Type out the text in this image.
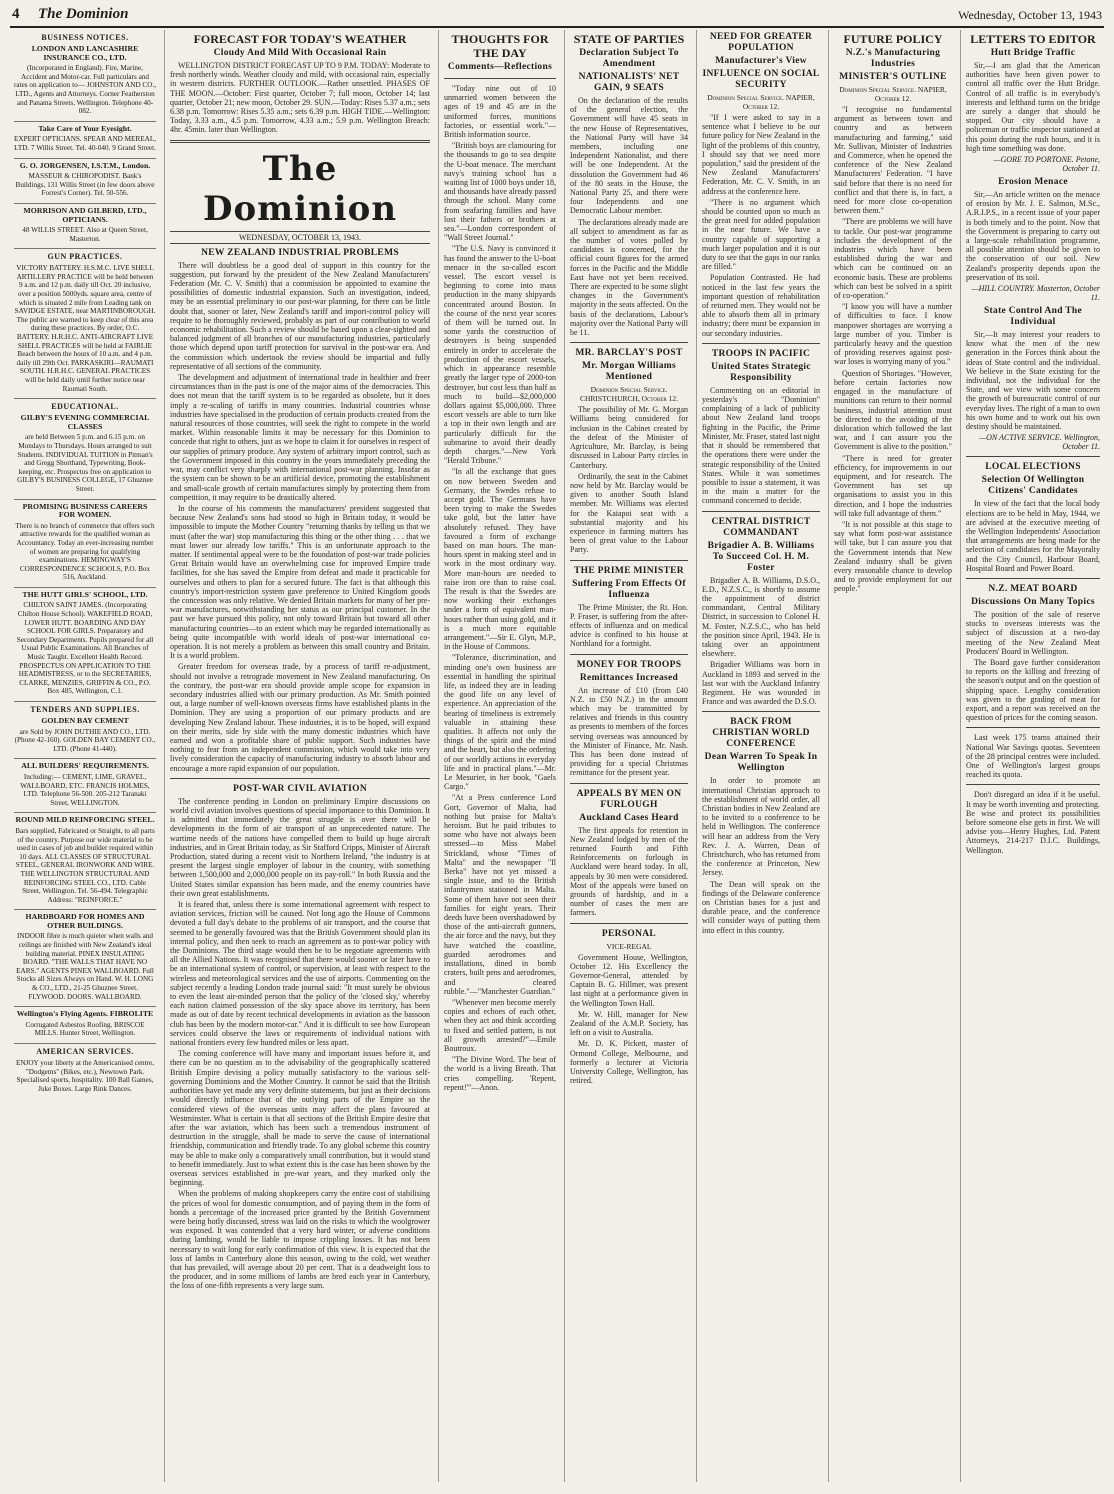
4 The Dominion	Wednesday, October 13, 1943
BUSINESS NOTICES.
LONDON AND LANCASHIRE INSURANCE CO., LTD.
(Incorporated in England). Fire, Marine, Accident and Motor-car. Full particulars and rates on application to— JOHNSTON AND CO., LTD., Agents and Attorneys. Corner Featherston and Panama Streets, Wellington. Telephone 40-082.
Take Care of Your Eyesight.
EXPERT OPTICIANS. SPEAR AND MEREAL, LTD. 7 Willis Street. Tel. 40-040. 9 Grand Street.
G. O. JORGENSEN, I.S.T.M., London.
MASSEUR & CHIROPODIST. Bank's Buildings, 131 Willis Street (in few doors above Forrest's Corner). Tel. 50-556.
MORRISON AND GILBERD, LTD., OPTICIANS.
48 WILLIS STREET. Also at Queen Street, Masterton.
GUN PRACTICES.
VICTORY BATTERY. H.S.M.C. LIVE SHELL ARTILLERY PRACTICE will be held between 9 a.m. and 12 p.m. daily till Oct. 20 inclusive, over a position 5000yds. square area, centre of which is situated 2 mile from Leading tank on SAVIDGE ESTATE, near MARTINBOROUGH. The public are warned to keep clear of this area during these practices. By order, O.C. BATTERY. H.R.H.C. ANTI-AIRCRAFT LIVE SHELL PRACTICES will be held at FAIRLIE Beach between the hours of 10 a.m. and 4 p.m. daily till 29th Oct. PARKASKIRI—RAUMATI SOUTH. H.R.H.C. GENERAL PRACTICES will be held daily until further notice near Raumati South.
EDUCATIONAL.
GILBY'S EVENING COMMERCIAL CLASSES
are held Between 5 p.m. and 6.15 p.m. on Mondays to Thursdays. Hours arranged to suit Students. INDIVIDUAL TUITION in Pitman's and Gregg Shorthand, Typewriting, Book-keeping, etc. Prospectus free on application to GILBY'S BUSINESS COLLEGE, 17 Ghuznee Street.
PROMISING BUSINESS CAREERS FOR WOMEN.
There is no branch of commerce that offers such attractive rewards for the qualified woman as Accountancy. Today an ever-increasing number of women are preparing for qualifying examinations. HEMINGWAY'S CORRESPONDENCE SCHOOLS, P.O. Box 516, Auckland.
THE HUTT GIRLS' SCHOOL, LTD.
CHILTON SAINT JAMES. (Incorporating Chilton House School). WAKEFIELD ROAD, LOWER HUTT. BOARDING AND DAY SCHOOL FOR GIRLS. Preparatory and Secondary Departments. Pupils prepared for all Usual Public Examinations. All Branches of Music Taught. Excellent Health Record. PROSPECTUS ON APPLICATION TO THE HEADMISTRESS, or to the SECRETARIES, CLARKE, MENZIES, GRIFFIN & CO., P.O. Box 485, Wellington, C.1.
TENDERS AND SUPPLIES.
GOLDEN BAY CEMENT
are Sold by JOHN DUTHIE AND CO., LTD. (Phone 42-160). GOLDEN BAY CEMENT CO., LTD. (Phone 41-440).
ALL BUILDERS' REQUIREMENTS.
Including:— CEMENT, LIME, GRAVEL, WALLBOARD, ETC. FRANCIS HOLMES, LTD. Telephone 56-500. 205-212 Taranaki Street, WELLINGTON.
ROUND MILD REINFORCING STEEL.
Bars supplied, Fabricated or Straight, to all parts of the country. Purpose our wide material to be used in cases of job and builder required within 10 days. ALL CLASSES OF STRUCTURAL STEEL, GENERAL IRONWORK AND WIRE. THE WELLINGTON STRUCTURAL AND REINFORCING STEEL CO., LTD. Cable Street, Wellington. Tel. 56-494. Telegraphic Address: "REINFORCE."
HARDBOARD FOR HOMES AND OTHER BUILDINGS.
INDOOR fibre is much quieter when walls and ceilings are finished with New Zealand's ideal building material. PINEX INSULATING BOARD. "THE WALLS THAT HAVE NO EARS." AGENTS PINEX WALLBOARD. Full Stocks all Sizes Always on Hand. W. H. LONG & CO., LTD., 21-25 Ghuznee Street. FLYWOOD. DOORS. WALLBOARD.
Wellington's Flying Agents. FIBROLITE
Corrugated Asbestos Roofing. BRISCOE MILLS. Hunter Street, Wellington.
AMERICAN SERVICES.
ENJOY your liberty at the Americanised centre, "Dodgems" (Bikes, etc.), Newtown Park. Specialised sports, hospitality. 100 Ball Games, Juke Boxes. Large Rink Dances.
FORECAST FOR TODAY'S WEATHER
Cloudy And Mild With Occasional Rain

WELLINGTON DISTRICT FORECAST UP TO 9 P.M. TODAY: Moderate to fresh northerly winds. Weather cloudy and mild, with occasional rain, especially in western districts. FURTHER OUTLOOK.—Rather unsettled. PHASES OF THE MOON.—October: First quarter, October 7; full moon, October 14; last quarter, October 21; new moon, October 29. SUN.—Today: Rises 5.37 a.m.; sets 6.38 p.m. Tomorrow: Rises 5.35 a.m.; sets 6.39 p.m. HIGH TIDE.—Wellington: Today, 3.33 a.m., 4.5 p.m. Tomorrow, 4.33 a.m.; 5.9 p.m. Wellington Breach: 4hr. 45min. later than Wellington.

The Dominion
WEDNESDAY, OCTOBER 13, 1943.
NEW ZEALAND INDUSTRIAL PROBLEMS

There will doubtless be a good deal of support in this country for the suggestion, put forward by the president of the New Zealand Manufacturers' Federation (Mr. C. V. Smith) that a commission be appointed to examine the possibilities of domestic industrial expansion. Such an investigation, indeed, may be an essential preliminary to our post-war planning, for there can be little doubt that, sooner or later, New Zealand's tariff and import-control policy will require to be thoroughly reviewed, probably as part of our contribution to world economic rehabilitation. Such a review should be based upon a clear-sighted and balanced judgment of all branches of our manufacturing industries, particularly those which depend upon tariff protection for survival in the post-war era. And the commission which undertook the review should be impartial and fully representative of all sections of the community.

The development and adjustment of international trade in healthier and freer circumstances than in the past is one of the major aims of the democracies. This does not mean that the tariff system is to be regarded as obsolete, but it does imply a re-scaling of tariffs in many countries. Industrial countries whose industries have specialised in the production of certain products created from the natural resources of those countries, will seek the right to compete in the world market. Within reasonable limits it may be necessary for this Dominion to concede that right to others, just as we hope to claim it for ourselves in respect of our supplies of primary produce. Any system of arbitrary import control, such as the Government imposed in this country in the years immediately preceding the war, may conflict very sharply with international post-war planning. Insofar as the system can be shown to be an artificial device, promoting the establishment and small-scale growth of certain manufactures simply by protecting them from competition, it may require to be drastically altered.

In the course of his comments the manufacturers' president suggested that because New Zealand's sons had stood so high in Britain today, it would be impossible to impute the Mother Country "returning thanks by telling us that we must (after the war) stop manufacturing this thing or the other thing . . . that we must lower our already low tariffs." This is an unfortunate approach to the matter. If sentimental appeal were to be the foundation of post-war trade policies Great Britain would have an overwhelming case for improved Empire trade facilities, for she has saved the Empire from defeat and made it practicable for ourselves and others to plan for a secured future. The fact is that although this country's import-restriction system gave preference to United Kingdom goods the concession was only relative. We denied Britain markets for many of her pre-war manufactures, notwithstanding her status as our principal customer. In the past we have pursued this policy, not only toward Britain but toward all other manufacturing countries—to an extent which may be regarded internationally as being quite incompatible with world ideals of post-war international co-operation. It is not merely a problem as between this small country and Britain. It is a world problem.

Greater freedom for overseas trade, by a process of tariff re-adjustment, should not involve a retrograde movement in New Zealand manufacturing. On the contrary, the post-war era should provide ample scope for expansion in secondary industries allied with our primary production. As Mr. Smith pointed out, a large number of well-known overseas firms have established plants in the Dominion. They are using a proportion of our primary products and are developing New Zealand labour. These industries, it is to be hoped, will expand on their merits, side by side with the many domestic industries which have earned and won a profitable share of public support. Such industries have nothing to fear from an independent commission, which would take into very lively consideration the capacity of manufacturing industry to absorb labour and encourage a more rapid expansion of our population.

POST-WAR CIVIL AVIATION

The conference pending in London on preliminary Empire discussions on world civil aviation involves questions of special importance to this Dominion. It is admitted that immediately the great struggle is over there will be developments in the form of air transport of an unprecedented nature. The wartime needs of the nations have compelled them to build up huge aircraft industries, and in Great Britain today, as Sir Stafford Cripps, Minister of Aircraft Production, stated during a recent visit to Northern Ireland, "the industry is at present the largest single employer of labour in the country, with something between 1,500,000 and 2,000,000 people on its pay-roll." In both Russia and the United States similar expansion has been made, and the enemy countries have their own great establishments.

It is feared that, unless there is some international agreement with respect to aviation services, friction will be caused. Not long ago the House of Commons devoted a full day's debate to the problems of air transport, and the course that seemed to be generally favoured was that the British Government should plan its internal policy, and then seek to reach an agreement as to post-war policy with the Dominions. The third stage would then be to be negotiate agreements with all the Allied Nations. It was recognised that there would sooner or later have to be an international system of control, or supervision, at least with respect to the wireless and meteorological services and the use of airports. Commenting on the subject recently a leading London trade journal said: "It must surely be obvious to even the least air-minded person that the policy of the 'closed sky,' whereby each nation claimed possession of the sky space above its territory, has been made as out of date by recent technical developments in aviation as the bassoon club has been by the modern motor-car." And it is difficult to see how European services could observe the laws or requirements of individual nations with national frontiers every few hundred miles or less apart.

The coming conference will have many and important issues before it, and there can be no question as to the advisability of the geographically scattered British Empire devising a policy mutually satisfactory to the various self-governing Dominions and the Mother Country. It cannot be said that the British authorities have yet made any very definite statements, but just as their decisions would directly influence that of the outlying parts of the Empire so the considered views of the overseas units may affect the plans favoured at Westminster. What is certain is that all sections of the British Empire desire that after the war aviation, which has been such a tremendous instrument of destruction in the struggle, shall be made to serve the cause of international friendship, communication and friendly trade. To any global scheme this country may be able to make only a comparatively small contribution, but it would stand to benefit immediately. Just to what extent this is the case has been shown by the overseas services established in pre-war years, and they marked only the beginning.

When the problems of making shopkeepers carry the entire cost of stabilising the prices of wool for domestic consumption, and of paying them in the form of bonds a percentage of the increased price granted by the British Government were being hotly discussed, stress was laid on the risks to which the woolgrower was exposed. It was contended that a very hard winter, or adverse conditions during lambing, would be liable to impose crippling losses. It has not been necessary to wait long for early confirmation of this view. It is expected that the loss of lambs in Canterbury alone this season, owing to the cold, wet weather that has prevailed, will average about 20 per cent. That is a deadweight loss to the producer, and in some millions of lambs are bred each year in Canterbury, the loss of one-fifth represents a very large sum.

THOUGHTS FOR THE DAY
Comments—Reflections

"Today nine out of 10 unmarried women between the ages of 19 and 45 are in the uniformed forces, munitions factories, or essential work."—British information source.

"British boys are clamouring for the thousands to go to sea despite the U-boat menace. The merchant navy's training school has a waiting list of 1000 boys under 18, and thousands have already passed through the school. Many come from seafaring families and have lost their fathers or brothers at sea."—London correspondent of "Wall Street Journal."

"The U.S. Navy is convinced it has found the answer to the U-boat menace in the so-called escort vessel. The escort vessel is beginning to come into mass production in the many shipyards concentrated around Boston. In the course of the next year scores of them will be turned out. In some yards the construction of destroyers is being suspended entirely in order to accelerate the production of the escort vessels, which in appearance resemble greatly the larger type of 2000-ton destroyer, but cost less than half as much to build—$2,000,000 dollars against $5,000,000. Three escort vessels are able to turn like a top in their own length and are particularly difficult for the submarine to avoid their deadly depth charges."—New York "Herald Tribune."

"In all the exchange that goes on now between Sweden and Germany, the Swedes refuse to accept gold. The Germans have been trying to make the Swedes take gold, but the latter have absolutely refused. They have favoured a form of exchange based on man hours. The man-hours spent in making steel and in work in the most ordinary way. More man-hours are needed to raise iron ore than to raise coal. The result is that the Swedes are now working their exchanges under a form of equivalent man-hours rather than using gold, and it is a much more equitable arrangement."—Sir E. Glyn, M.P., in the House of Commons.

"Tolerance, discrimination, and minding one's own business are essential in handling the spiritual life, as indeed they are in leading the good life on any level of experience. An appreciation of the bearing of timeliness is extremely valuable in attaining these qualities. It affects not only the things of the spirit and the mind and the heart, but also the ordering of our worldly actions in everyday life and in practical plans."—Mr. Le Mesurier, in her book, "Gaels Cargo."

"At a Press conference Lord Gort, Governor of Malta, had nothing but praise for Malta's heroism. But he paid tributes to some who have not always been stressed—to Miss Mabel Strickland, whose "Times of Malta" and the newspaper "Il Berka" have not yet missed a single issue, and to the British infantrymen stationed in Malta. Some of them have not seen their families for eight years. Their deeds have been overshadowed by those of the anti-aircraft gunners, the air force and the navy, but they have watched the coastline, guarded aerodromes and installations, dined in bomb craters, built pens and aerodromes, and cleared rubble."—"Manchester Guardian."

"Whenever men become merely copies and echoes of each other, when they act and think according to fixed and settled pattern, is not all growth arrested?"—Emile Boutroux.

"The Divine Word. The beat of the world is a living Breath. That cries compelling. 'Repent, repent!'"—Anon.

STATE OF PARTIES
Declaration Subject To Amendment
NATIONALISTS' NET GAIN, 9 SEATS

On the declaration of the results of the general election, the Government will have 45 seats in the new House of Representatives, the National Party will have 34 members, including one Independent Nationalist, and there will be one Independent. At the dissolution the Government had 46 of the 80 seats in the House, the National Party 25, and there were four Independents and one Democratic Labour member.

The declarations already made are all subject to amendment as far as the number of votes polled by candidates is concerned, for the official count figures for the armed forces in the Pacific and the Middle East have not yet been received. There are expected to be some slight changes in the Government's majority in the seats affected. On the basis of the declarations, Labour's majority over the National Party will be 11.

MR. BARCLAY'S POST
Mr. Morgan Williams Mentioned
Dominion Special Service. CHRISTCHURCH, October 12.

The possibility of Mr. G. Morgan Williams being considered for inclusion in the Cabinet created by the defeat of the Minister of Agriculture, Mr. Barclay, is being discussed in Labour Party circles in Canterbury.

Ordinarily, the seat in the Cabinet now held by Mr. Barclay would be given to another South Island member. Mr. Williams was elected for the Kaiapoi seat with a substantial majority and his experience in farming matters has been of great value to the Labour Party.

THE PRIME MINISTER
Suffering From Effects Of Influenza

The Prime Minister, the Rt. Hon. P. Fraser, is suffering from the after-effects of influenza and on medical advice is confined to his house at Northland for a fortnight.

MONEY FOR TROOPS
Remittances Increased

An increase of £10 (from £40 N.Z. to £50 N.Z.) in the amount which may be transmitted by relatives and friends in this country as presents to members of the forces serving overseas was announced by the Minister of Finance, Mr. Nash. This has been done instead of providing for a special Christmas remittance for the present year.

APPEALS BY MEN ON FURLOUGH
Auckland Cases Heard

The first appeals for retention in New Zealand lodged by men of the returned Fourth and Fifth Reinforcements on furlough in Auckland were heard today. In all, appeals by 30 men were considered. Most of the appeals were based on grounds of hardship, and in a number of cases the men are farmers.

PERSONAL
VICE-REGAL

Government House, Wellington, October 12. His Excellency the Governor-General, attended by Captain B. G. Hillmer, was present last night at a performance given in the Wellington Town Hall.

Mr. W. Hill, manager for New Zealand of the A.M.P. Society, has left on a visit to Australia.

Mr. D. K. Pickett, master of Ormond College, Melbourne, and formerly a lecturer at Victoria University College, Wellington, has retired.

NEED FOR GREATER POPULATION
Manufacturer's View
INFLUENCE ON SOCIAL SECURITY
Dominion Special Service. NAPIER, October 12.

"If I were asked to say in a sentence what I believe to be our future policy for New Zealand in the light of the problems of this country, I should say that we need more population," said the president of the New Zealand Manufacturers' Federation, Mr. C. V. Smith, in an address at the conference here.

"There is no argument which should be counted upon so much as the great need for added population in the near future. We have a country capable of supporting a much larger population and it is our duty to see that the gaps in our ranks are filled."

Population Contrasted. He had noticed in the last few years the important question of rehabilitation of returned men. They would not be able to absorb them all in primary industry; there must be expansion in our secondary industries.

TROOPS IN PACIFIC
United States Strategic Responsibility

Commenting on an editorial in yesterday's "Dominion" complaining of a lack of publicity about New Zealand land troops fighting in the Pacific, the Prime Minister, Mr. Fraser, stated last night that it should be remembered that the operations there were under the strategic responsibility of the United States. While it was sometimes possible to issue a statement, it was in the main a matter for the command concerned to decide.

CENTRAL DISTRICT COMMANDANT
Brigadier A. B. Williams To Succeed Col. H. M. Foster

Brigadier A. B. Williams, D.S.O., E.D., N.Z.S.C., is shortly to assume the appointment of district commandant, Central Military District, in succession to Colonel H. M. Foster, N.Z.S.C., who has held the position since April, 1943. He is taking over an appointment elsewhere.

Brigadier Williams was born in Auckland in 1893 and served in the last war with the Auckland Infantry Regiment. He was wounded in France and was awarded the D.S.O.

BACK FROM CHRISTIAN WORLD CONFERENCE
Dean Warren To Speak In Wellington

In order to promote an international Christian approach to the establishment of world order, all Christian bodies in New Zealand are to be invited to a conference to be held in Wellington. The conference will hear an address from the Very Rev. J. A. Warren, Dean of Christchurch, who has returned from the conference at Princeton, New Jersey.

The Dean will speak on the findings of the Delaware conference on Christian bases for a just and durable peace, and the conference will consider ways of putting them into effect in this country.

FUTURE POLICY
N.Z.'s Manufacturing Industries
MINISTER'S OUTLINE
Dominion Special Service. NAPIER, October 12.

"I recognise no fundamental argument as between town and country and as between manufacturing and farming," said Mr. Sullivan, Minister of Industries and Commerce, when he opened the conference of the New Zealand Manufacturers' Federation. "I have said before that there is no need for conflict and that there is, in fact, a need for more close co-operation between them."

"There are problems we will have to tackle. Our post-war programme includes the development of the industries which have been established during the war and which can be continued on an economic basis. These are problems which can best be solved in a spirit of co-operation."

"I know you will have a number of difficulties to face. I know manpower shortages are worrying a large number of you. Timber is particularly heavy and the question of providing reserves against post-war loses is worrying many of you."

Question of Shortages. "However, before certain factories now engaged in the manufacture of munitions can return to their normal business, industrial attention must be directed to the avoiding of the dislocation which followed the last war, and I can assure you the Government is alive to the position."

"There is need for greater efficiency, for improvements in our equipment, and for research. The Government has set up organisations to assist you in this direction, and I hope the industries will take full advantage of them."

"It is not possible at this stage to say what form post-war assistance will take, but I can assure you that the Government intends that New Zealand industry shall be given every reasonable chance to develop and to provide employment for our people."

LETTERS TO EDITOR
Hutt Bridge Traffic

Sir,—I am glad that the American authorities have been given power to control all traffic over the Hutt Bridge. Control of all traffic is in everybody's interests and lefthand turns on the bridge are surely a danger that should be stopped. Our city should have a policeman or traffic inspector stationed at this point during the rush hours, and it is high time something was done.

—GORE TO PORTONE. Petone, October 11.
Erosion Menace

Sir,—An article written on the menace of erosion by Mr. J. E. Salmon, M.Sc., A.R.I.P.S., in a recent issue of your paper is both timely and to the point. Now that the Government is preparing to carry out a large-scale rehabilitation programme, all possible attention should be given to the conservation of our soil. New Zealand's prosperity depends upon the preservation of its soil.

—HILL COUNTRY. Masterton, October 11.
State Control And The Individual

Sir,—It may interest your readers to know what the men of the new generation in the Forces think about the ideas of State control and the individual. We believe in the State existing for the individual, not the individual for the State, and we view with some concern the growth of bureaucratic control of our everyday lives. The right of a man to own his own home and to work out his own destiny should be maintained.

—ON ACTIVE SERVICE. Wellington, October 11.
LOCAL ELECTIONS
Selection Of Wellington Citizens' Candidates

In view of the fact that the local body elections are to be held in May, 1944, we are advised at the executive meeting of the Wellington Independents' Association that arrangements are being made for the selection of candidates for the Mayoralty and the City Council, Harbour Board, Hospital Board and Power Board.

N.Z. MEAT BOARD
Discussions On Many Topics

The position of the sale of reserve stocks to overseas interests was the subject of discussion at a two-day meeting of the New Zealand Meat Producers' Board in Wellington.

The Board gave further consideration to reports on the killing and freezing of the season's output and on the question of shipping space. Lengthy consideration was given to the grading of meat for export, and a report was received on the question of prices for the coming season.

Last week 175 teams attained their National War Savings quotas. Seventeen of the 28 principal centres were included. One of Wellington's largest groups reached its quota.

Don't disregard an idea if it be useful. It may be worth inventing and protecting. Be wise and protect its possibilities before someone else gets in first. We will advise you—Henry Hughes, Ltd. Patent Attorneys, 214-217 D.I.C. Buildings, Wellington.
